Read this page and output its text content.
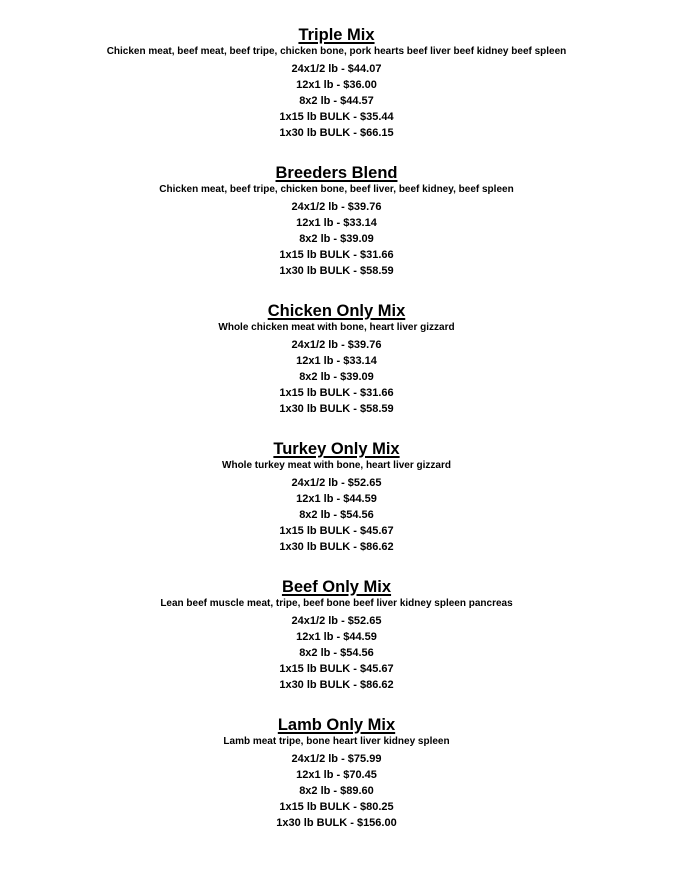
Triple Mix

Chicken meat, beef meat, beef tripe, chicken bone, pork hearts beef liver beef kidney beef spleen

24x1/2 lb - $44.07
12x1 lb - $36.00
8x2 lb - $44.57
1x15 lb BULK - $35.44
1x30 lb BULK - $66.15
Breeders Blend

Chicken meat, beef tripe, chicken bone, beef liver, beef kidney, beef spleen

24x1/2 lb - $39.76
12x1 lb - $33.14
8x2 lb - $39.09
1x15 lb BULK - $31.66
1x30 lb BULK - $58.59
Chicken Only Mix

Whole chicken meat with bone, heart liver gizzard

24x1/2 lb - $39.76
12x1 lb - $33.14
8x2 lb - $39.09
1x15 lb BULK - $31.66
1x30 lb BULK - $58.59
Turkey Only Mix

Whole turkey meat with bone, heart liver gizzard

24x1/2 lb - $52.65
12x1 lb - $44.59
8x2 lb - $54.56
1x15 lb BULK - $45.67
1x30 lb BULK - $86.62
Beef Only Mix

Lean beef muscle meat, tripe, beef bone beef liver kidney spleen pancreas

24x1/2 lb - $52.65
12x1 lb - $44.59
8x2 lb - $54.56
1x15 lb BULK - $45.67
1x30 lb BULK - $86.62
Lamb Only Mix

Lamb meat tripe, bone heart liver kidney spleen

24x1/2 lb - $75.99
12x1 lb - $70.45
8x2 lb - $89.60
1x15 lb BULK - $80.25
1x30 lb BULK - $156.00
